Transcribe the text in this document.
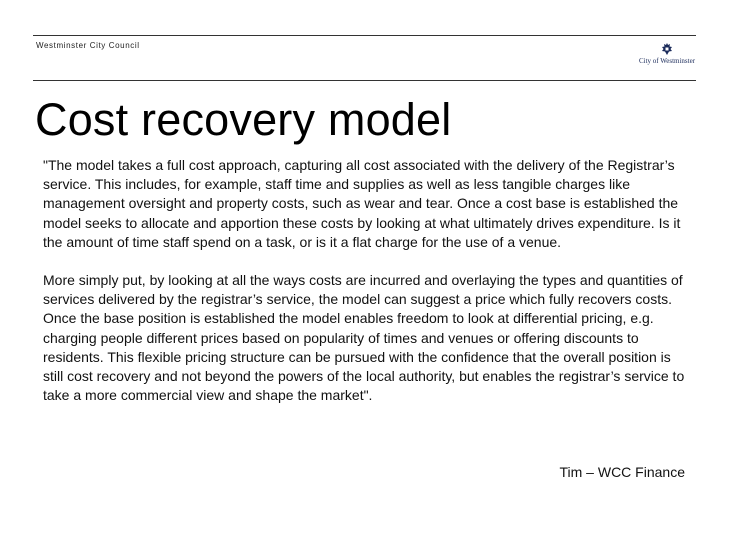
Westminster City Council
City of Westminster
Cost recovery model

"The model takes a full cost approach, capturing all cost associated with the delivery of the Registrar’s service. This includes, for example, staff time and supplies as well as less tangible charges like management oversight and property costs, such as wear and tear. Once a cost base is established the model seeks to allocate and apportion these costs by looking at what ultimately drives expenditure. Is it the amount of time staff spend on a task, or is it a flat charge for the use of a venue.

More simply put, by looking at all the ways costs are incurred and overlaying the types and quantities of services delivered by the registrar’s service, the model can suggest a price which fully recovers costs. Once the base position is established the model enables freedom to look at differential pricing, e.g. charging people different prices based on popularity of times and venues or offering discounts to residents. This flexible pricing structure can be pursued with the confidence that the overall position is still cost recovery and not beyond the powers of the local authority, but enables the registrar’s service to take a more commercial view and shape the market".

Tim – WCC Finance
